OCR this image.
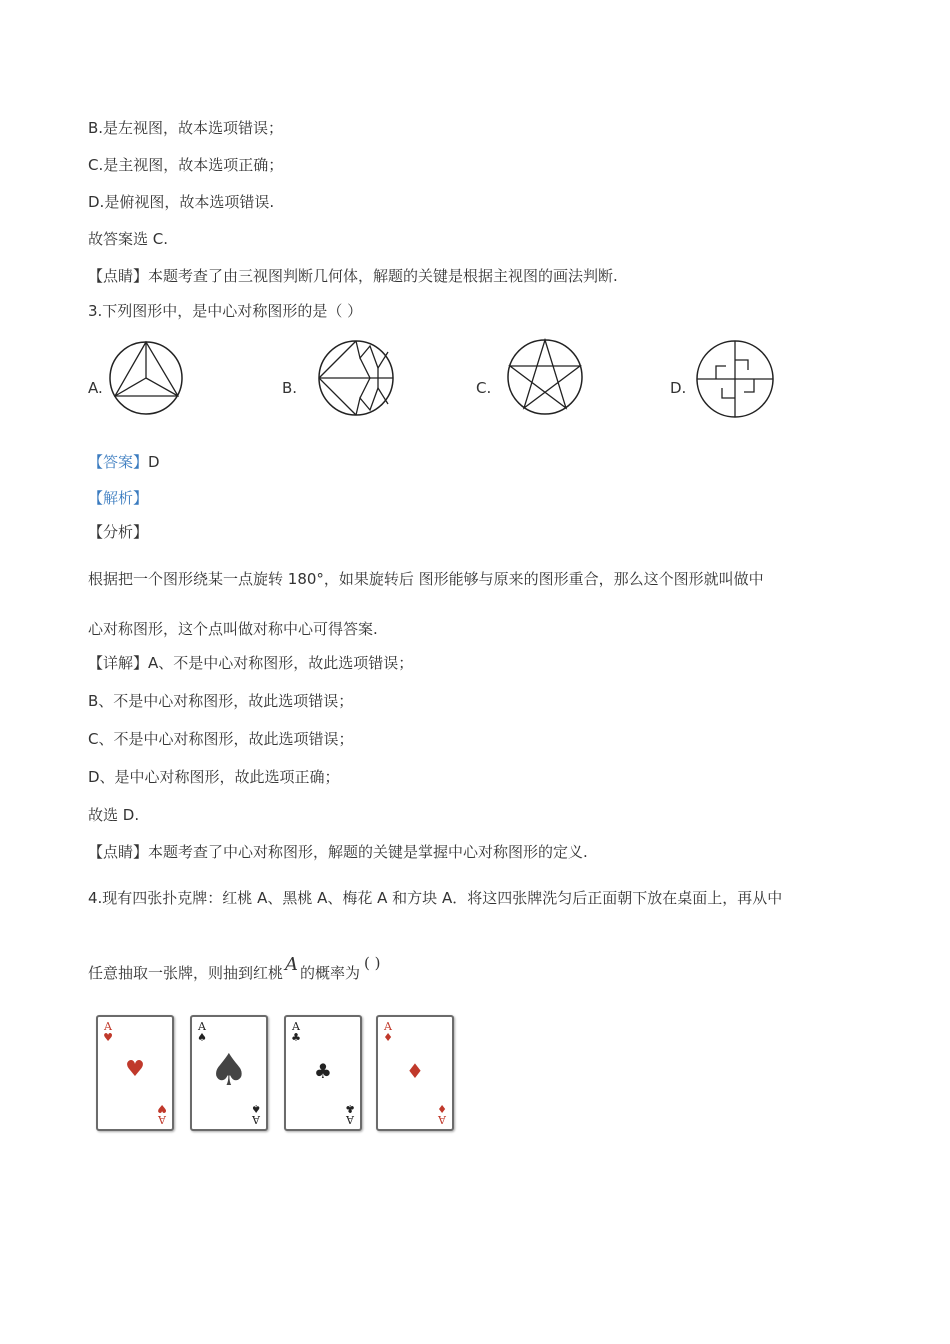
B.是左视图，故本选项错误；
C.是主视图，故本选项正确；
D.是俯视图，故本选项错误.
故答案选 C.
【点睛】本题考查了由三视图判断几何体，解题的关键是根据主视图的画法判断.
3.下列图形中，是中心对称图形的是（ ）
A.	B.	C.	D.
【答案】D
【解析】
【分析】
根据把一个图形绕某一点旋转 180°，如果旋转后 图形能够与原来的图形重合，那么这个图形就叫做中
心对称图形，这个点叫做对称中心可得答案.
【详解】A、不是中心对称图形，故此选项错误；
B、不是中心对称图形，故此选项错误；
C、不是中心对称图形，故此选项错误；
D、是中心对称图形，故此选项正确；
故选 D.
【点睛】本题考查了中心对称图形，解题的关键是掌握中心对称图形的定义.
4.现有四张扑克牌：红桃 A、黑桃 A、梅花 A 和方块 A．将这四张牌洗匀后正面朝下放在桌面上，再从中
任意抽取一张牌，则抽到红桃 A 的概率为( )
A
♥
♥
A
♥
A
♠
♠
A
♠
A
♣
♣
A
♣
A
♦
♦
A
♦
